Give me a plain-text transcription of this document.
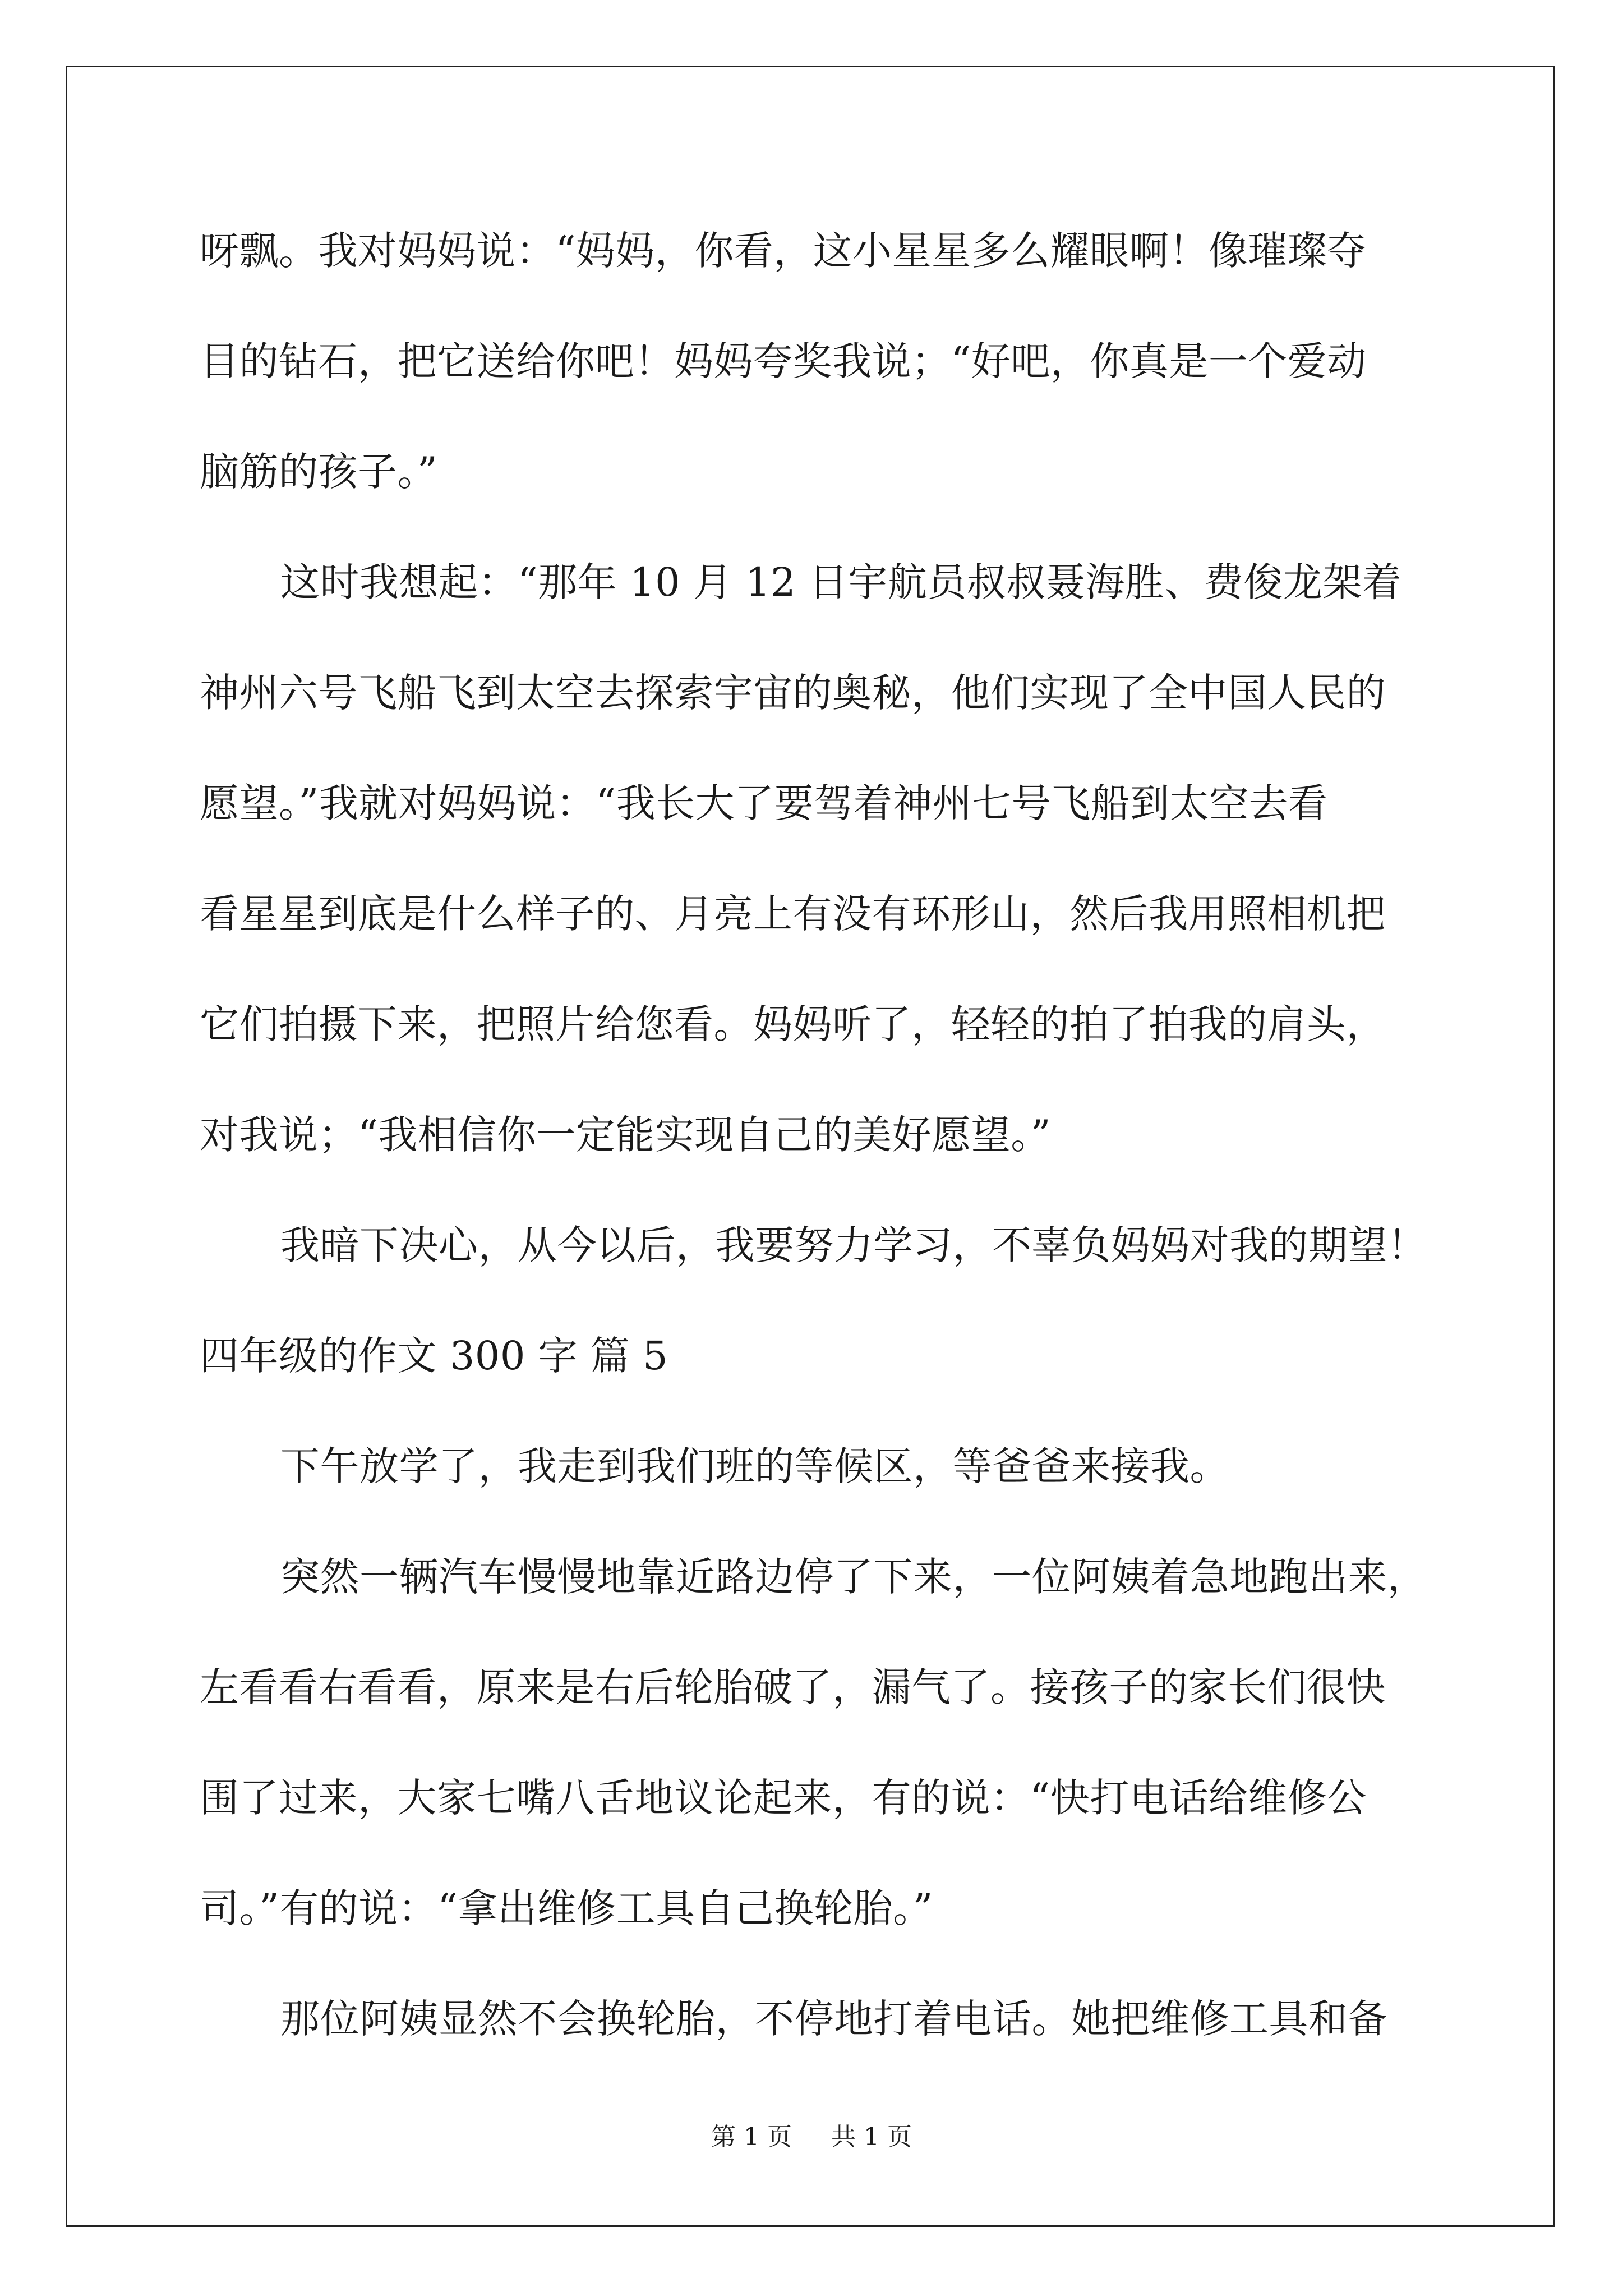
呀飘。我对妈妈说：“妈妈，你看，这小星星多么耀眼啊！像璀璨夺
目的钻石，把它送给你吧！妈妈夸奖我说；“好吧，你真是一个爱动
脑筋的孩子。”
这时我想起：“那年 10 月 12 日宇航员叔叔聂海胜、费俊龙架着
神州六号飞船飞到太空去探索宇宙的奥秘，他们实现了全中国人民的
愿望。”我就对妈妈说：“我长大了要驾着神州七号飞船到太空去看
看星星到底是什么样子的、月亮上有没有环形山，然后我用照相机把
它们拍摄下来，把照片给您看。妈妈听了，轻轻的拍了拍我的肩头，
对我说；“我相信你一定能实现自己的美好愿望。”
我暗下决心，从今以后，我要努力学习，不辜负妈妈对我的期望！
四年级的作文 300 字 篇 5
下午放学了，我走到我们班的等候区，等爸爸来接我。
突然一辆汽车慢慢地靠近路边停了下来，一位阿姨着急地跑出来，
左看看右看看，原来是右后轮胎破了，漏气了。接孩子的家长们很快
围了过来，大家七嘴八舌地议论起来，有的说：“快打电话给维修公
司。”有的说：“拿出维修工具自己换轮胎。”
那位阿姨显然不会换轮胎，不停地打着电话。她把维修工具和备
第 1 页 共 1 页
